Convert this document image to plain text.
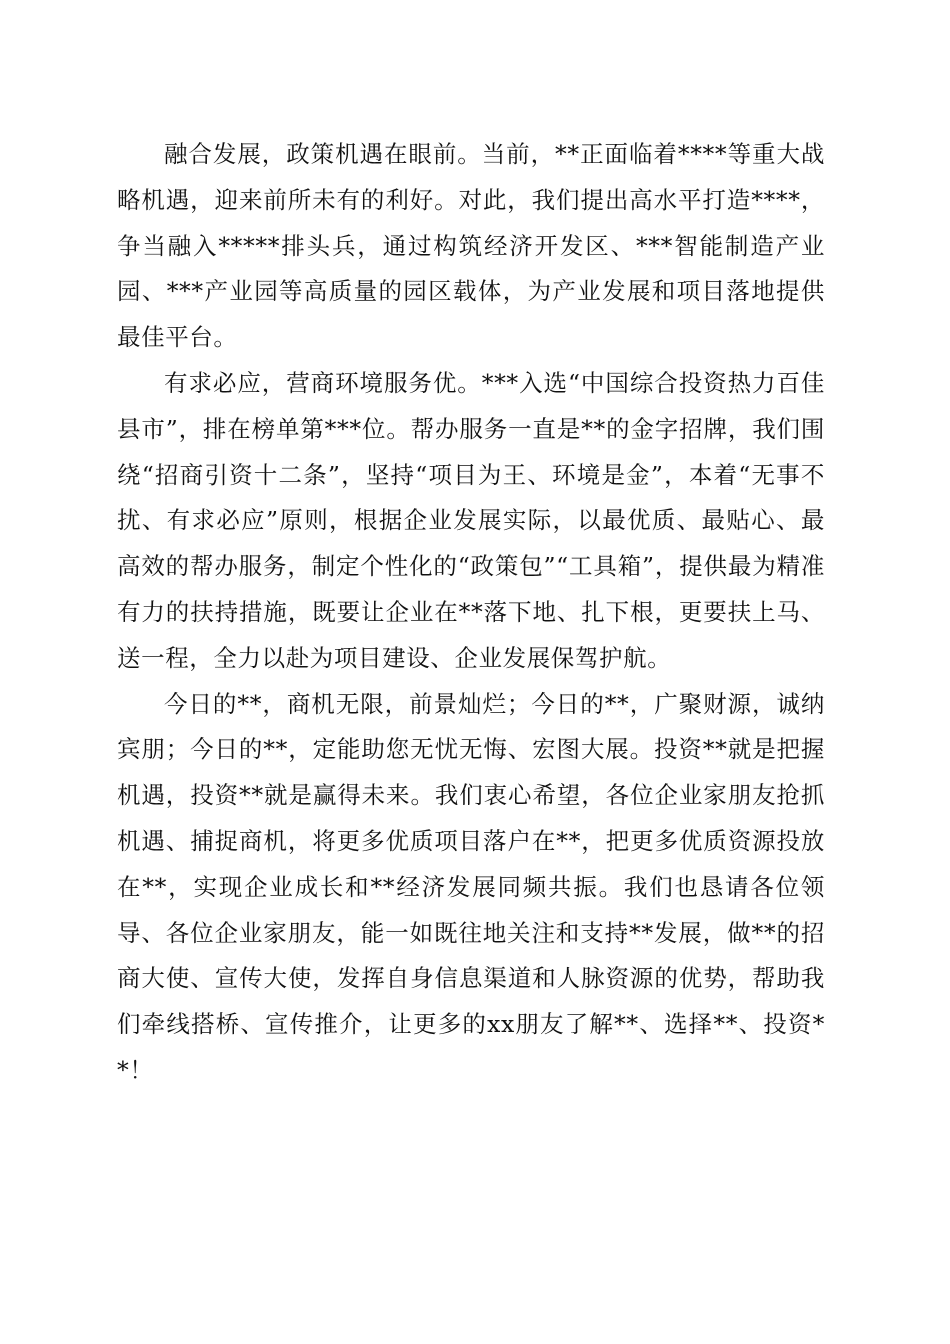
融合发展，政策机遇在眼前。当前，**正面临着****等重大战略机遇，迎来前所未有的利好。对此，我们提出高水平打造****，争当融入*****排头兵，通过构筑经济开发区、***智能制造产业园、***产业园等高质量的园区载体，为产业发展和项目落地提供最佳平台。

有求必应，营商环境服务优。***入选“中国综合投资热力百佳县市”，排在榜单第***位。帮办服务一直是**的金字招牌，我们围绕“招商引资十二条”，坚持“项目为王、环境是金”，本着“无事不扰、有求必应”原则，根据企业发展实际，以最优质、最贴心、最高效的帮办服务，制定个性化的“政策包”“工具箱”，提供最为精准有力的扶持措施，既要让企业在**落下地、扎下根，更要扶上马、送一程，全力以赴为项目建设、企业发展保驾护航。

今日的**，商机无限，前景灿烂；今日的**，广聚财源，诚纳宾朋；今日的**，定能助您无忧无悔、宏图大展。投资**就是把握机遇，投资**就是赢得未来。我们衷心希望，各位企业家朋友抢抓机遇、捕捉商机，将更多优质项目落户在**，把更多优质资源投放在**，实现企业成长和**经济发展同频共振。我们也恳请各位领导、各位企业家朋友，能一如既往地关注和支持**发展，做**的招商大使、宣传大使，发挥自身信息渠道和人脉资源的优势，帮助我们牵线搭桥、宣传推介，让更多的xx朋友了解**、选择**、投资**！
